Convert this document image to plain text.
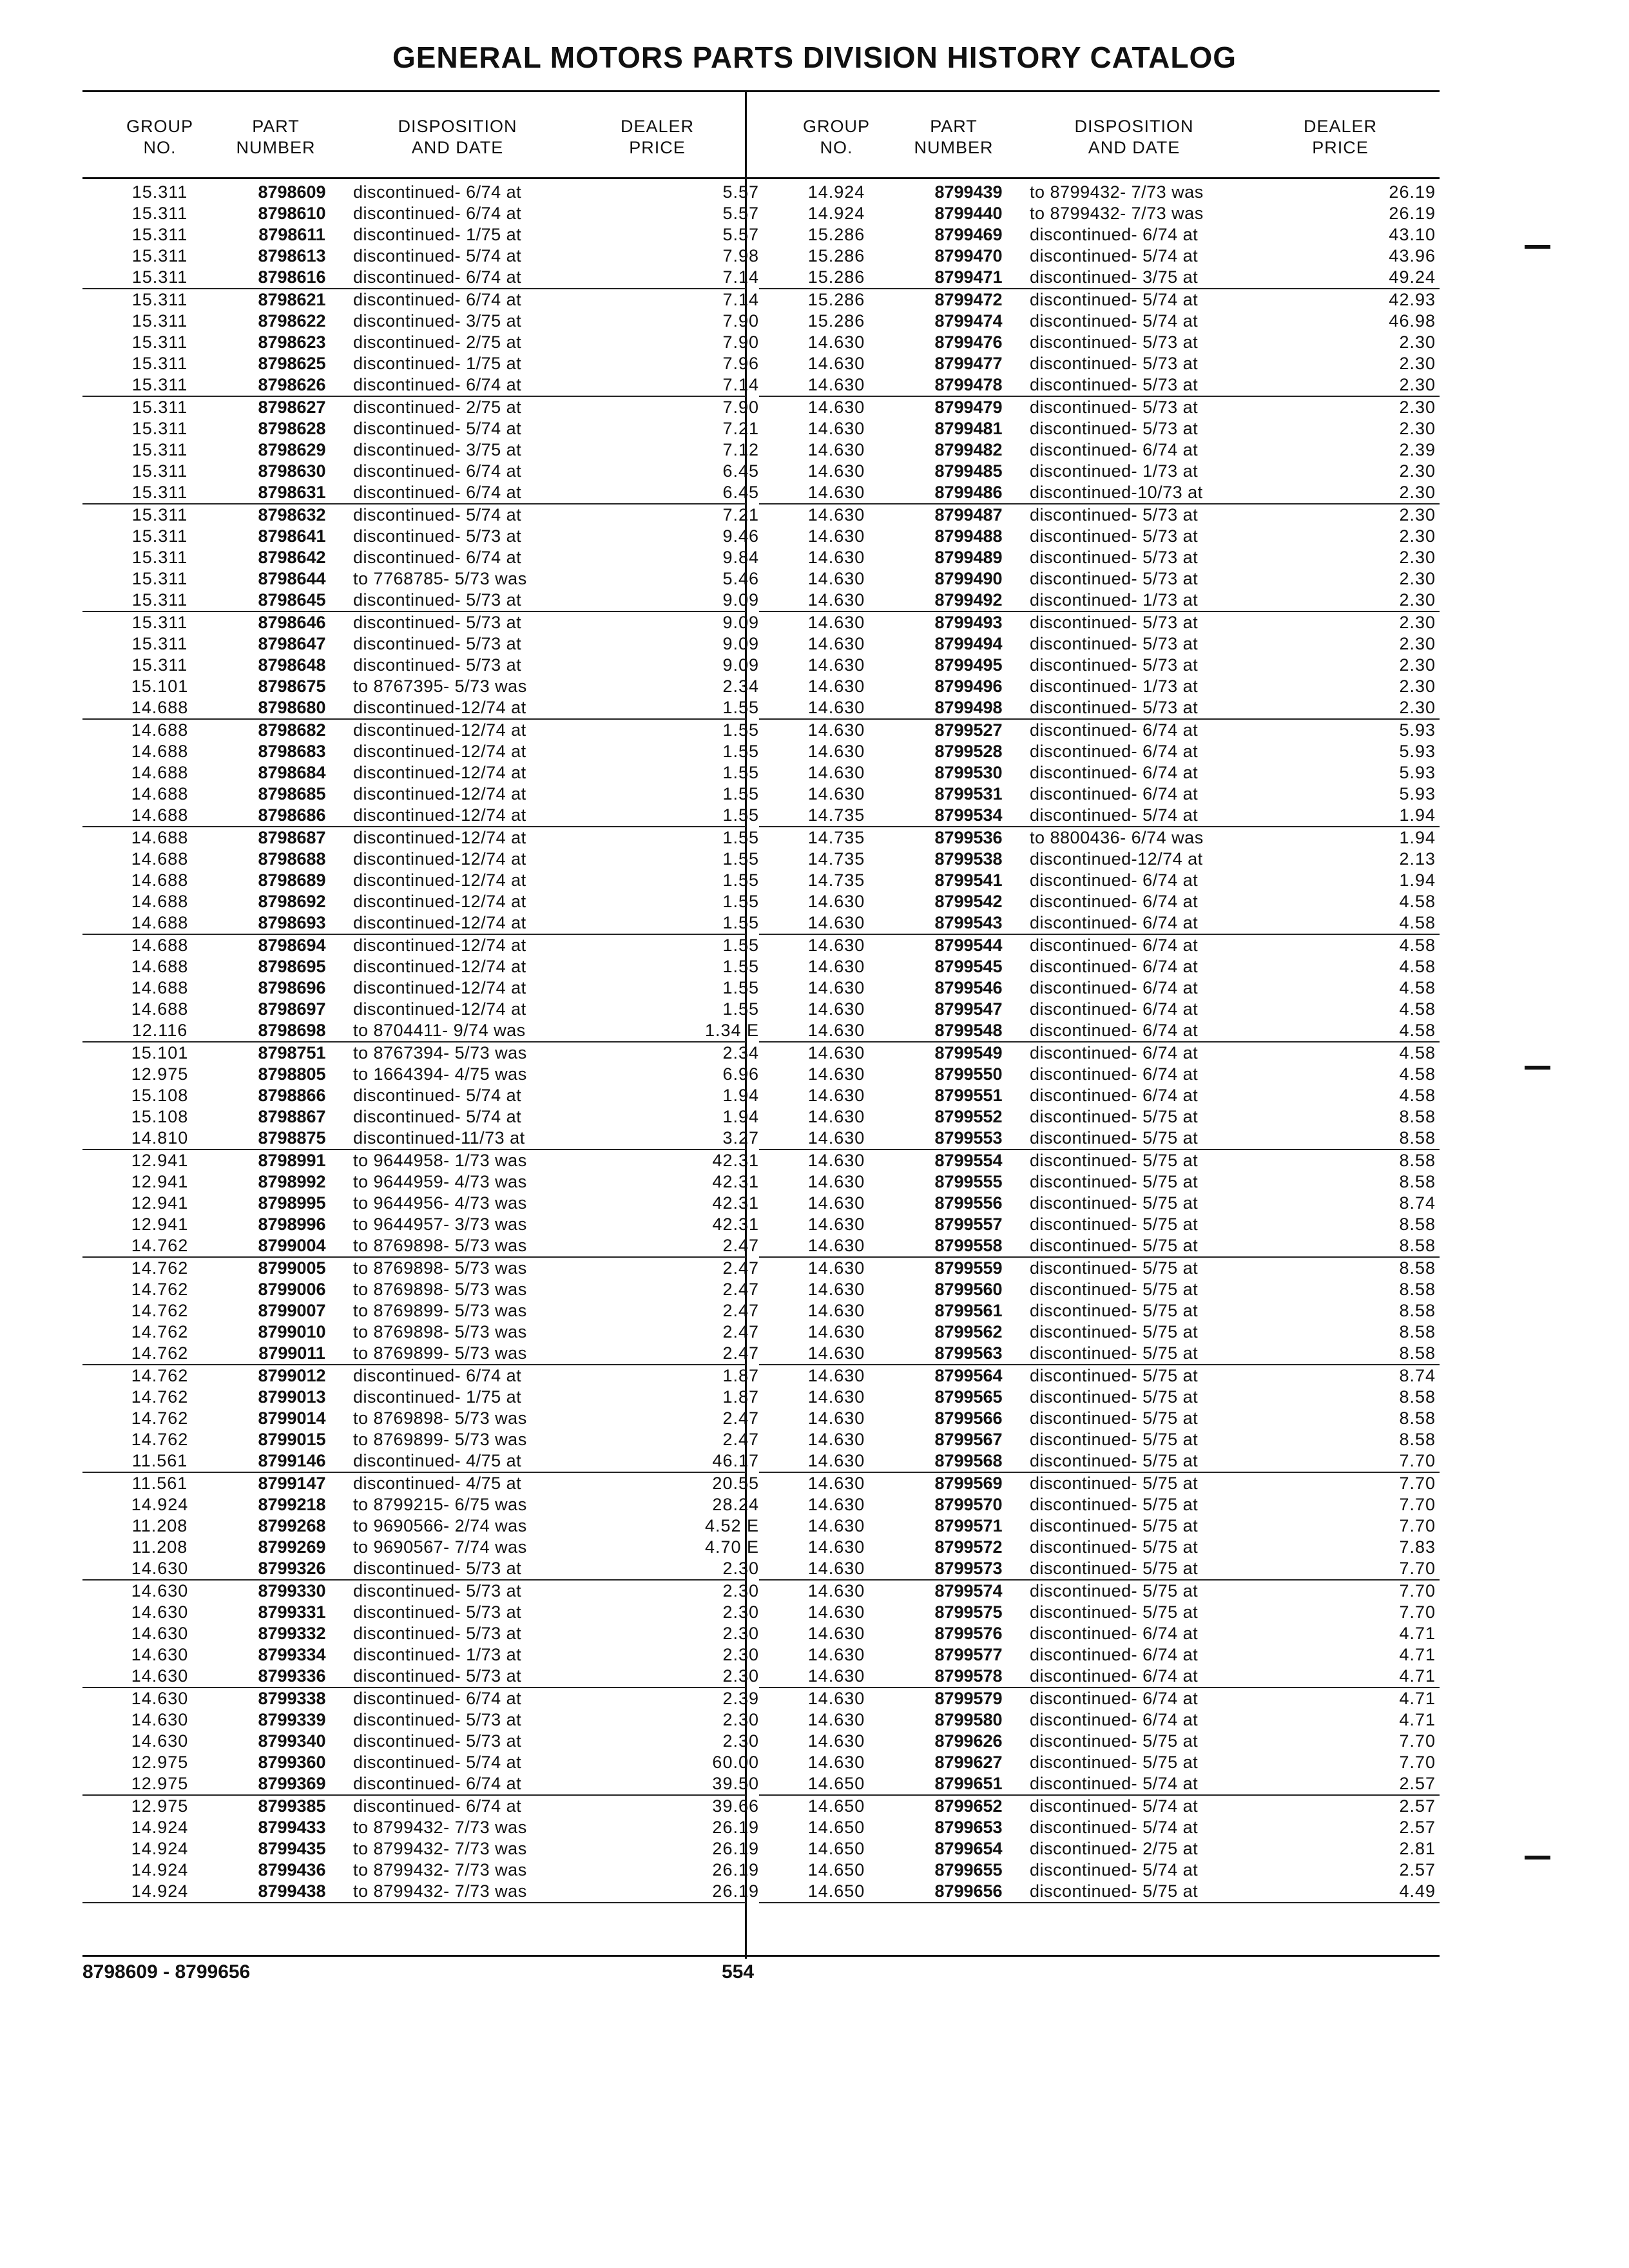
GENERAL MOTORS PARTS DIVISION HISTORY CATALOG
GROUP
NO.
PART
NUMBER
DISPOSITION
AND DATE
DEALER
PRICE
GROUP
NO.
PART
NUMBER
DISPOSITION
AND DATE
DEALER
PRICE
15.311	8798609	discontinued- 6/74 at	5.57
15.311	8798610	discontinued- 6/74 at	5.57
15.311	8798611	discontinued- 1/75 at	5.57
15.311	8798613	discontinued- 5/74 at	7.98
15.311	8798616	discontinued- 6/74 at	7.14
15.311	8798621	discontinued- 6/74 at	7.14
15.311	8798622	discontinued- 3/75 at	7.90
15.311	8798623	discontinued- 2/75 at	7.90
15.311	8798625	discontinued- 1/75 at	7.96
15.311	8798626	discontinued- 6/74 at	7.14
15.311	8798627	discontinued- 2/75 at	7.90
15.311	8798628	discontinued- 5/74 at	7.21
15.311	8798629	discontinued- 3/75 at	7.12
15.311	8798630	discontinued- 6/74 at	6.45
15.311	8798631	discontinued- 6/74 at	6.45
15.311	8798632	discontinued- 5/74 at	7.21
15.311	8798641	discontinued- 5/73 at	9.46
15.311	8798642	discontinued- 6/74 at	9.84
15.311	8798644	to 7768785- 5/73 was	5.46
15.311	8798645	discontinued- 5/73 at	9.09
15.311	8798646	discontinued- 5/73 at	9.09
15.311	8798647	discontinued- 5/73 at	9.09
15.311	8798648	discontinued- 5/73 at	9.09
15.101	8798675	to 8767395- 5/73 was	2.34
14.688	8798680	discontinued-12/74 at	1.55
14.688	8798682	discontinued-12/74 at	1.55
14.688	8798683	discontinued-12/74 at	1.55
14.688	8798684	discontinued-12/74 at	1.55
14.688	8798685	discontinued-12/74 at	1.55
14.688	8798686	discontinued-12/74 at	1.55
14.688	8798687	discontinued-12/74 at	1.55
14.688	8798688	discontinued-12/74 at	1.55
14.688	8798689	discontinued-12/74 at	1.55
14.688	8798692	discontinued-12/74 at	1.55
14.688	8798693	discontinued-12/74 at	1.55
14.688	8798694	discontinued-12/74 at	1.55
14.688	8798695	discontinued-12/74 at	1.55
14.688	8798696	discontinued-12/74 at	1.55
14.688	8798697	discontinued-12/74 at	1.55
12.116	8798698	to 8704411- 9/74 was	1.34 E
15.101	8798751	to 8767394- 5/73 was	2.34
12.975	8798805	to 1664394- 4/75 was	6.96
15.108	8798866	discontinued- 5/74 at	1.94
15.108	8798867	discontinued- 5/74 at	1.94
14.810	8798875	discontinued-11/73 at	3.27
12.941	8798991	to 9644958- 1/73 was	42.31
12.941	8798992	to 9644959- 4/73 was	42.31
12.941	8798995	to 9644956- 4/73 was	42.31
12.941	8798996	to 9644957- 3/73 was	42.31
14.762	8799004	to 8769898- 5/73 was	2.47
14.762	8799005	to 8769898- 5/73 was	2.47
14.762	8799006	to 8769898- 5/73 was	2.47
14.762	8799007	to 8769899- 5/73 was	2.47
14.762	8799010	to 8769898- 5/73 was	2.47
14.762	8799011	to 8769899- 5/73 was	2.47
14.762	8799012	discontinued- 6/74 at	1.87
14.762	8799013	discontinued- 1/75 at	1.87
14.762	8799014	to 8769898- 5/73 was	2.47
14.762	8799015	to 8769899- 5/73 was	2.47
11.561	8799146	discontinued- 4/75 at	46.17
11.561	8799147	discontinued- 4/75 at	20.55
14.924	8799218	to 8799215- 6/75 was	28.24
11.208	8799268	to 9690566- 2/74 was	4.52 E
11.208	8799269	to 9690567- 7/74 was	4.70 E
14.630	8799326	discontinued- 5/73 at	2.30
14.630	8799330	discontinued- 5/73 at	2.30
14.630	8799331	discontinued- 5/73 at	2.30
14.630	8799332	discontinued- 5/73 at	2.30
14.630	8799334	discontinued- 1/73 at	2.30
14.630	8799336	discontinued- 5/73 at	2.30
14.630	8799338	discontinued- 6/74 at	2.39
14.630	8799339	discontinued- 5/73 at	2.30
14.630	8799340	discontinued- 5/73 at	2.30
12.975	8799360	discontinued- 5/74 at	60.00
12.975	8799369	discontinued- 6/74 at	39.50
12.975	8799385	discontinued- 6/74 at	39.66
14.924	8799433	to 8799432- 7/73 was	26.19
14.924	8799435	to 8799432- 7/73 was	26.19
14.924	8799436	to 8799432- 7/73 was	26.19
14.924	8799438	to 8799432- 7/73 was	26.19
14.924	8799439	to 8799432- 7/73 was	26.19
14.924	8799440	to 8799432- 7/73 was	26.19
15.286	8799469	discontinued- 6/74 at	43.10
15.286	8799470	discontinued- 5/74 at	43.96
15.286	8799471	discontinued- 3/75 at	49.24
15.286	8799472	discontinued- 5/74 at	42.93
15.286	8799474	discontinued- 5/74 at	46.98
14.630	8799476	discontinued- 5/73 at	2.30
14.630	8799477	discontinued- 5/73 at	2.30
14.630	8799478	discontinued- 5/73 at	2.30
14.630	8799479	discontinued- 5/73 at	2.30
14.630	8799481	discontinued- 5/73 at	2.30
14.630	8799482	discontinued- 6/74 at	2.39
14.630	8799485	discontinued- 1/73 at	2.30
14.630	8799486	discontinued-10/73 at	2.30
14.630	8799487	discontinued- 5/73 at	2.30
14.630	8799488	discontinued- 5/73 at	2.30
14.630	8799489	discontinued- 5/73 at	2.30
14.630	8799490	discontinued- 5/73 at	2.30
14.630	8799492	discontinued- 1/73 at	2.30
14.630	8799493	discontinued- 5/73 at	2.30
14.630	8799494	discontinued- 5/73 at	2.30
14.630	8799495	discontinued- 5/73 at	2.30
14.630	8799496	discontinued- 1/73 at	2.30
14.630	8799498	discontinued- 5/73 at	2.30
14.630	8799527	discontinued- 6/74 at	5.93
14.630	8799528	discontinued- 6/74 at	5.93
14.630	8799530	discontinued- 6/74 at	5.93
14.630	8799531	discontinued- 6/74 at	5.93
14.735	8799534	discontinued- 5/74 at	1.94
14.735	8799536	to 8800436- 6/74 was	1.94
14.735	8799538	discontinued-12/74 at	2.13
14.735	8799541	discontinued- 6/74 at	1.94
14.630	8799542	discontinued- 6/74 at	4.58
14.630	8799543	discontinued- 6/74 at	4.58
14.630	8799544	discontinued- 6/74 at	4.58
14.630	8799545	discontinued- 6/74 at	4.58
14.630	8799546	discontinued- 6/74 at	4.58
14.630	8799547	discontinued- 6/74 at	4.58
14.630	8799548	discontinued- 6/74 at	4.58
14.630	8799549	discontinued- 6/74 at	4.58
14.630	8799550	discontinued- 6/74 at	4.58
14.630	8799551	discontinued- 6/74 at	4.58
14.630	8799552	discontinued- 5/75 at	8.58
14.630	8799553	discontinued- 5/75 at	8.58
14.630	8799554	discontinued- 5/75 at	8.58
14.630	8799555	discontinued- 5/75 at	8.58
14.630	8799556	discontinued- 5/75 at	8.74
14.630	8799557	discontinued- 5/75 at	8.58
14.630	8799558	discontinued- 5/75 at	8.58
14.630	8799559	discontinued- 5/75 at	8.58
14.630	8799560	discontinued- 5/75 at	8.58
14.630	8799561	discontinued- 5/75 at	8.58
14.630	8799562	discontinued- 5/75 at	8.58
14.630	8799563	discontinued- 5/75 at	8.58
14.630	8799564	discontinued- 5/75 at	8.74
14.630	8799565	discontinued- 5/75 at	8.58
14.630	8799566	discontinued- 5/75 at	8.58
14.630	8799567	discontinued- 5/75 at	8.58
14.630	8799568	discontinued- 5/75 at	7.70
14.630	8799569	discontinued- 5/75 at	7.70
14.630	8799570	discontinued- 5/75 at	7.70
14.630	8799571	discontinued- 5/75 at	7.70
14.630	8799572	discontinued- 5/75 at	7.83
14.630	8799573	discontinued- 5/75 at	7.70
14.630	8799574	discontinued- 5/75 at	7.70
14.630	8799575	discontinued- 5/75 at	7.70
14.630	8799576	discontinued- 6/74 at	4.71
14.630	8799577	discontinued- 6/74 at	4.71
14.630	8799578	discontinued- 6/74 at	4.71
14.630	8799579	discontinued- 6/74 at	4.71
14.630	8799580	discontinued- 6/74 at	4.71
14.630	8799626	discontinued- 5/75 at	7.70
14.630	8799627	discontinued- 5/75 at	7.70
14.650	8799651	discontinued- 5/74 at	2.57
14.650	8799652	discontinued- 5/74 at	2.57
14.650	8799653	discontinued- 5/74 at	2.57
14.650	8799654	discontinued- 2/75 at	2.81
14.650	8799655	discontinued- 5/74 at	2.57
14.650	8799656	discontinued- 5/75 at	4.49
8798609 - 8799656	554
